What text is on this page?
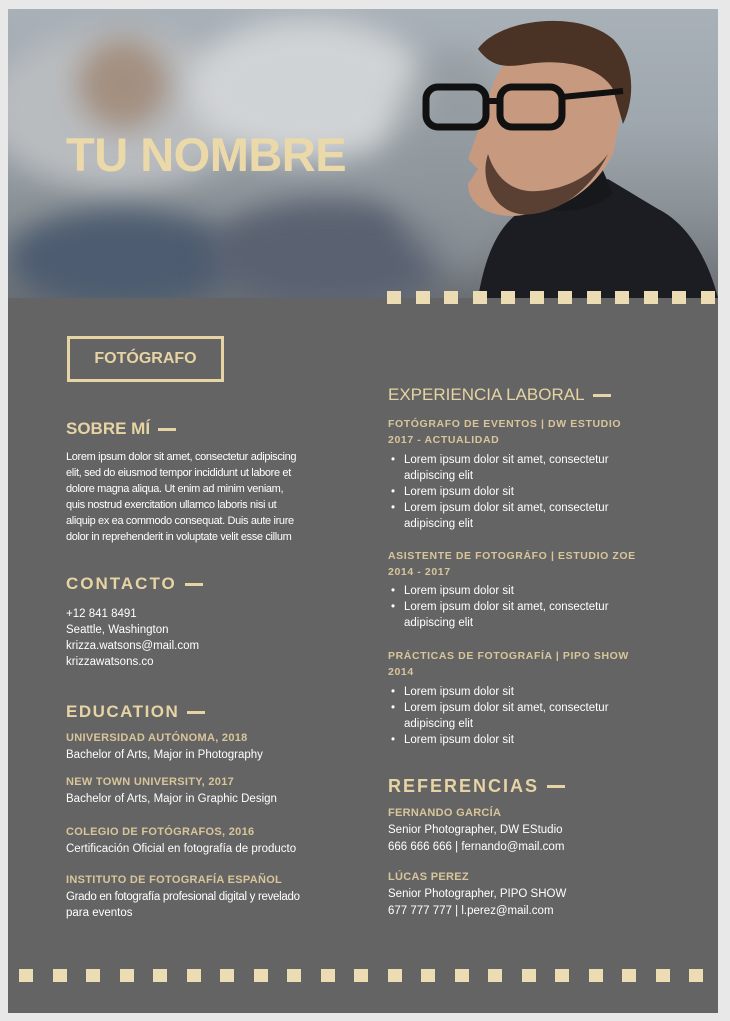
TU NOMBRE
FOTÓGRAFO
SOBRE MÍ
Lorem ipsum dolor sit amet, consectetur adipiscing
elit, sed do eiusmod tempor incididunt ut labore et
dolore magna aliqua. Ut enim ad minim veniam,
quis nostrud exercitation ullamco laboris nisi ut
aliquip ex ea commodo consequat. Duis aute irure
dolor in reprehenderit in voluptate velit esse cillum
CONTACTO

+12 841 8491

Seattle, Washington

krizza.watsons@mail.com

krizzawatsons.co

EDUCATION

UNIVERSIDAD AUTÓNOMA, 2018

Bachelor of Arts, Major in Photography

NEW TOWN UNIVERSITY, 2017

Bachelor of Arts, Major in Graphic Design

COLEGIO DE FOTÓGRAFOS, 2016

Certificación Oficial en fotografía de producto

INSTITUTO DE FOTOGRAFÍA ESPAÑOL

Grado en fotografía profesional digital y revelado

para eventos

EXPERIENCIA LABORAL

FOTÓGRAFO DE EVENTOS | DW ESTUDIO
2017 - ACTUALIDAD

• Lorem ipsum dolor sit amet, consectetur
adipiscing elit
• Lorem ipsum dolor sit
• Lorem ipsum dolor sit amet, consectetur
adipiscing elit

ASISTENTE DE FOTOGRÁFO | ESTUDIO ZOE
2014 - 2017

• Lorem ipsum dolor sit
• Lorem ipsum dolor sit amet, consectetur
adipiscing elit

PRÁCTICAS DE FOTOGRAFÍA | PIPO SHOW
2014

• Lorem ipsum dolor sit
• Lorem ipsum dolor sit amet, consectetur
adipiscing elit
• Lorem ipsum dolor sit
REFERENCIAS

FERNANDO GARCÍA

Senior Photographer, DW EStudio

666 666 666 | fernando@mail.com

LÚCAS PEREZ

Senior Photographer, PIPO SHOW

677 777 777 | l.perez@mail.com
